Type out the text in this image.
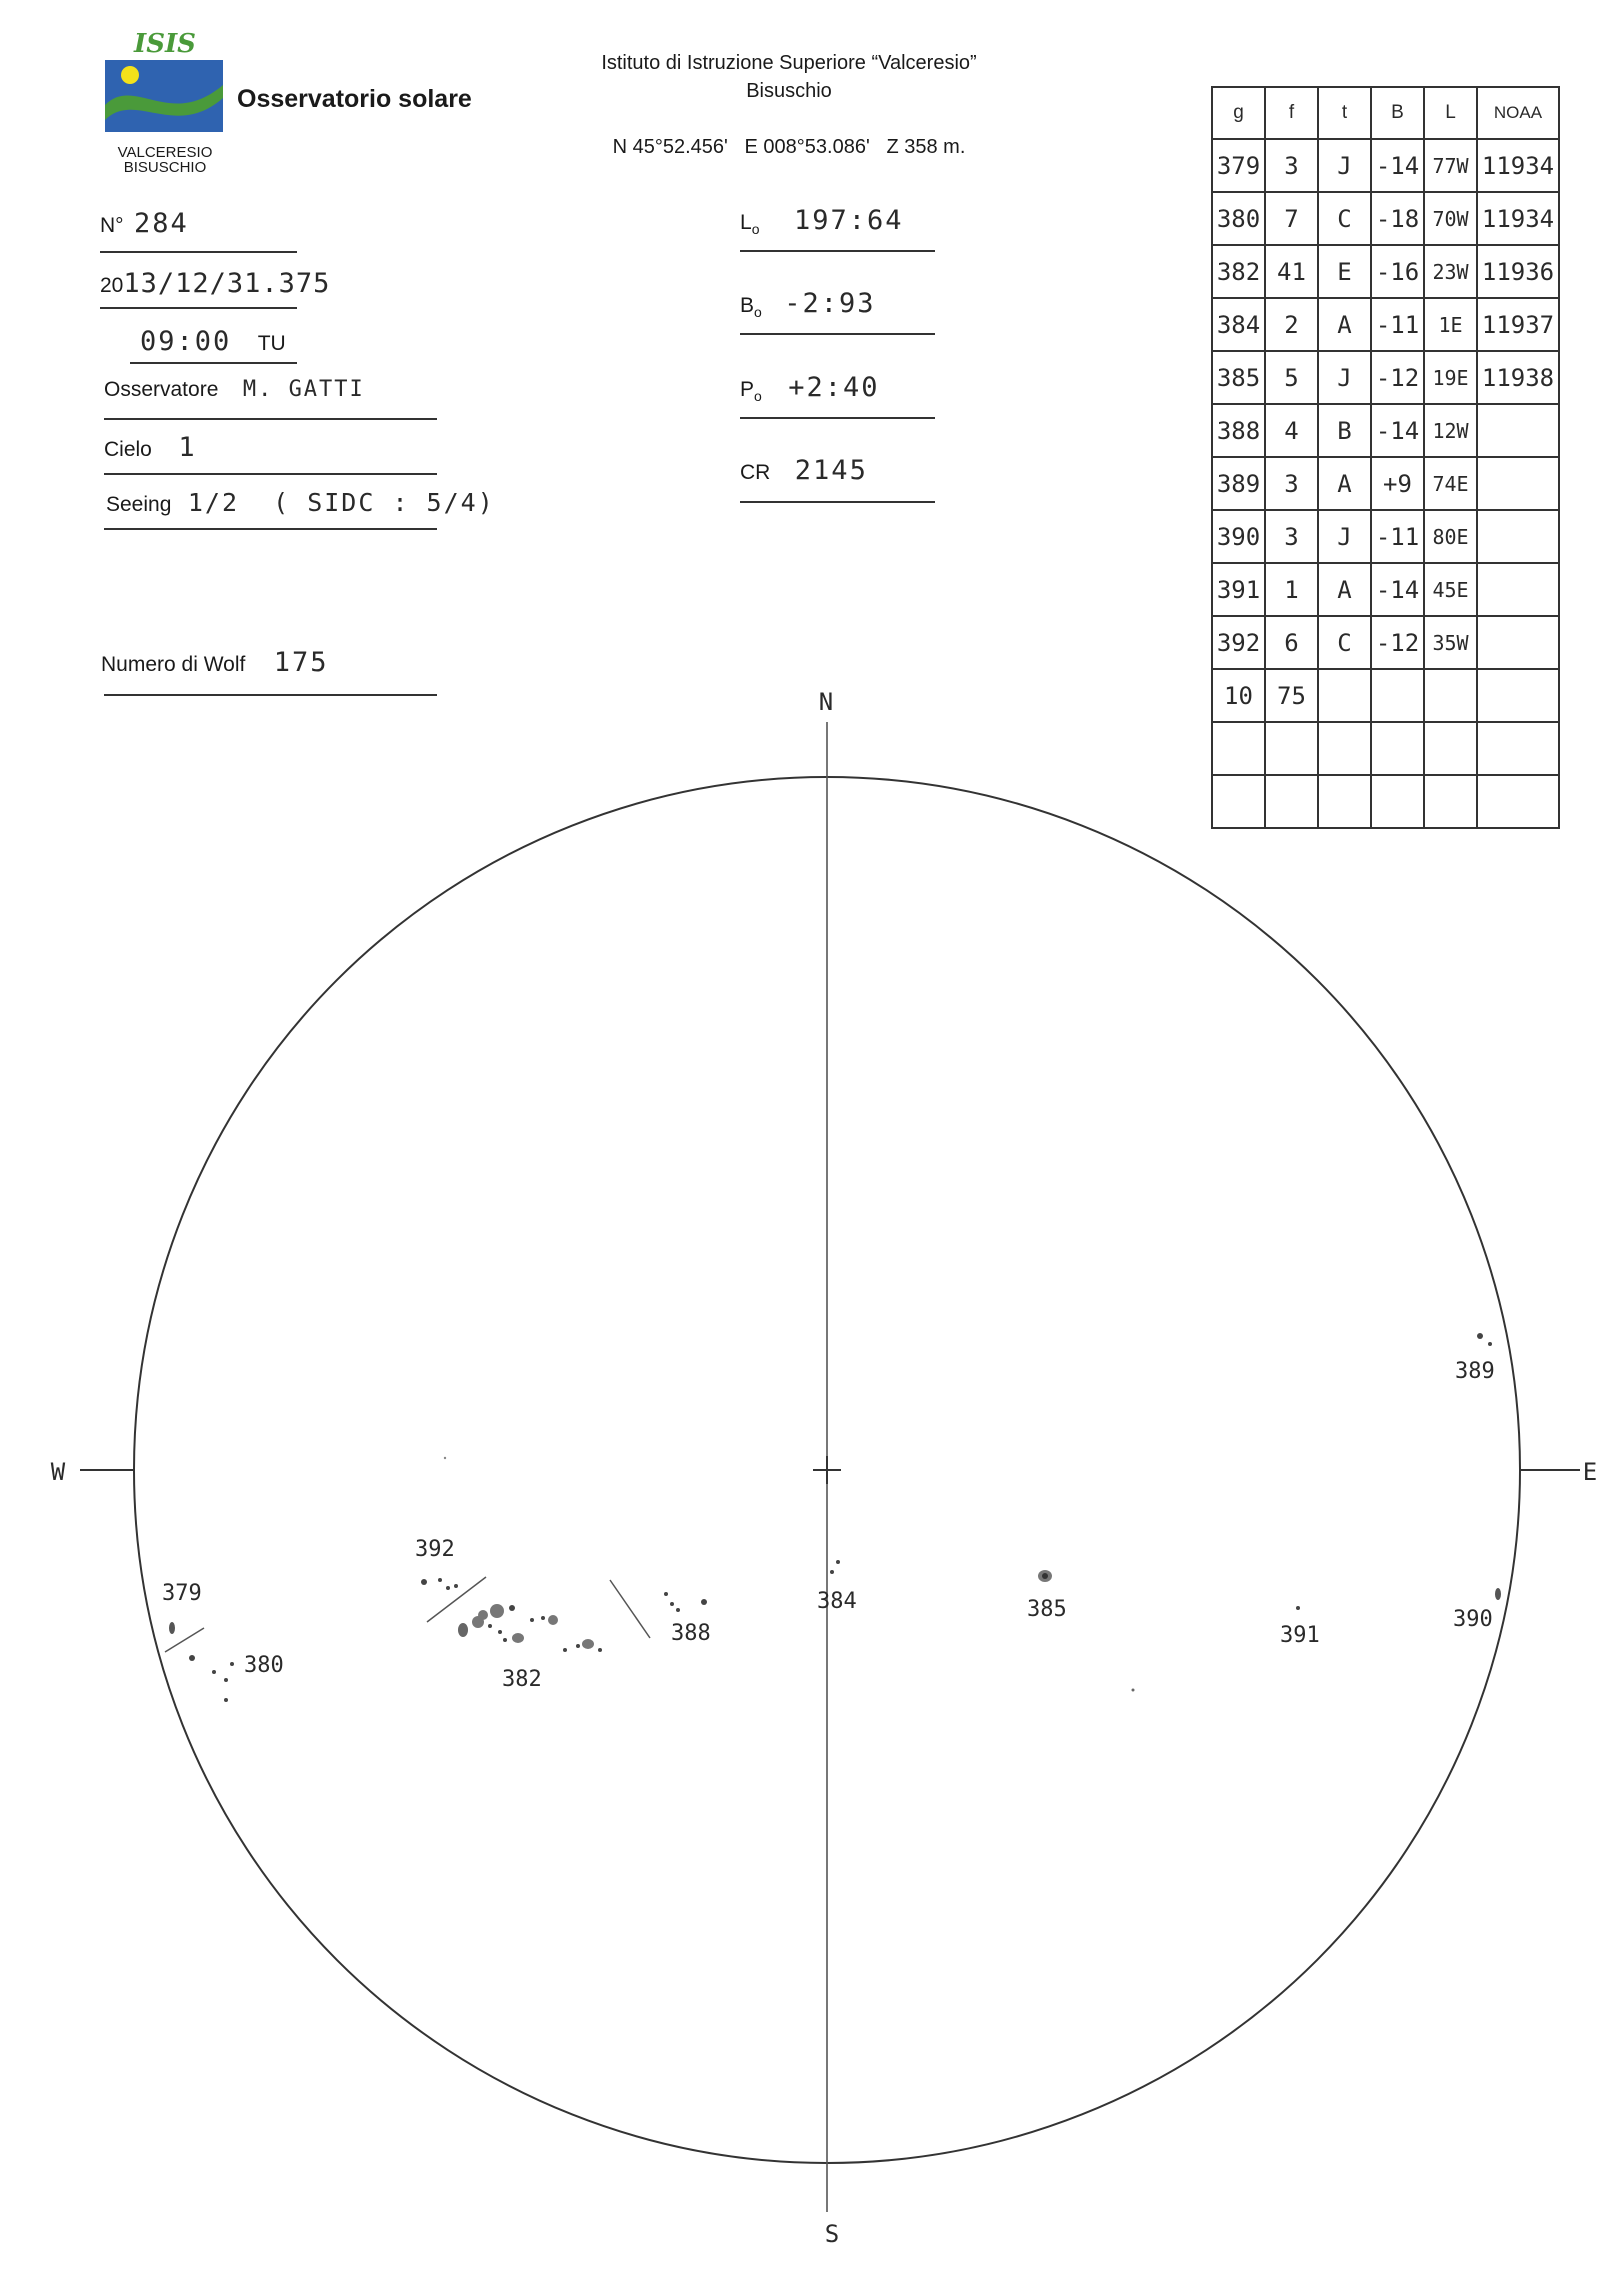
ISIS
VALCERESIO
BISUSCHIO
Osservatorio solare
Istituto di Istruzione Superiore “Valceresio”
Bisuschio
N 45°52.456'   E 008°53.086'   Z 358 m.
N° 284
2013/12/31.375
09:00 TU
Osservatore M. GATTI
Cielo 1
Seeing 1/2  ( SIDC : 5/4)
Numero di Wolf 175
$L_o$ 197:64
$B_o$ -2:93
$P_o$ +2:40
CR 2145
g	f	t	B	L	NOAA
379	3	J	-14	77W	11934
380	7	C	-18	70W	11934
382	41	E	-16	23W	11936
384	2	A	-11	1E	11937
385	5	J	-12	19E	11938
388	4	B	-14	12W	
389	3	A	+9	74E	
390	3	J	-11	80E	
391	1	A	-14	45E	
392	6	C	-12	35W	
10	75				

N
S
W	E
379
380
392
382
388
384	385
391
389
390
